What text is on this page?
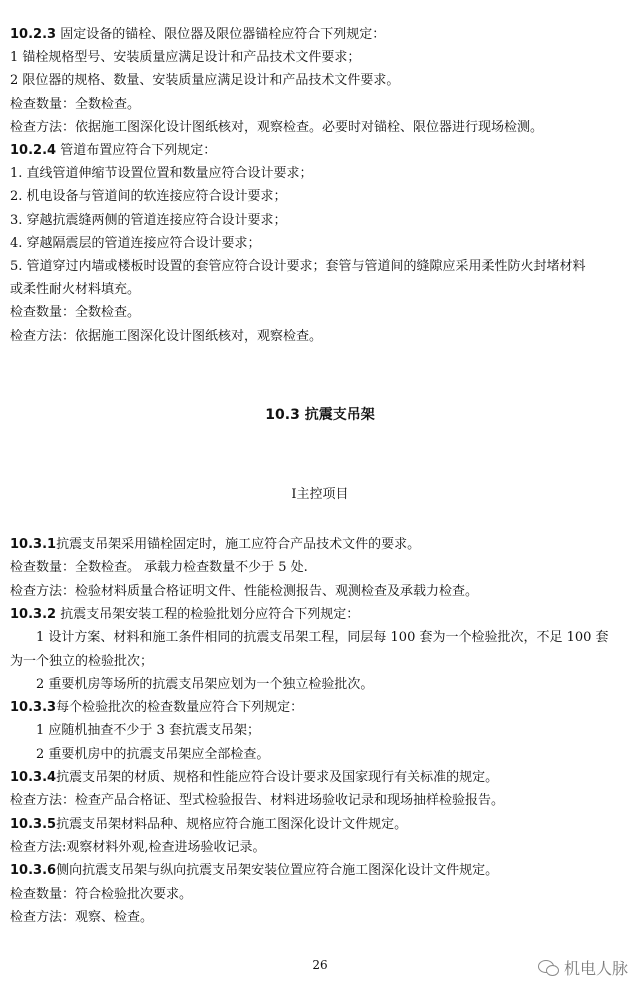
10.2.3 固定设备的锚栓、限位器及限位器锚栓应符合下列规定：
1 锚栓规格型号、安装质量应满足设计和产品技术文件要求；
2 限位器的规格、数量、安装质量应满足设计和产品技术文件要求。
检查数量：全数检查。
检查方法：依据施工图深化设计图纸核对，观察检查。必要时对锚栓、限位器进行现场检测。
10.2.4 管道布置应符合下列规定：
1. 直线管道伸缩节设置位置和数量应符合设计要求；
2. 机电设备与管道间的软连接应符合设计要求；
3. 穿越抗震缝两侧的管道连接应符合设计要求；
4. 穿越隔震层的管道连接应符合设计要求；
5. 管道穿过内墙或楼板时设置的套管应符合设计要求；套管与管道间的缝隙应采用柔性防火封堵材料
或柔性耐火材料填充。
检查数量：全数检查。
检查方法：依据施工图深化设计图纸核对，观察检查。
10.3 抗震支吊架
Ⅰ主控项目
10.3.1抗震支吊架采用锚栓固定时，施工应符合产品技术文件的要求。
检查数量：全数检查。 承载力检查数量不少于 5 处.
检查方法：检验材料质量合格证明文件、性能检测报告、观测检查及承载力检查。
10.3.2 抗震支吊架安装工程的检验批划分应符合下列规定：
1 设计方案、材料和施工条件相同的抗震支吊架工程，同层每 100 套为一个检验批次，不足 100 套
为一个独立的检验批次；
2 重要机房等场所的抗震支吊架应划为一个独立检验批次。
10.3.3每个检验批次的检查数量应符合下列规定：
1 应随机抽查不少于 3 套抗震支吊架；
2 重要机房中的抗震支吊架应全部检查。
10.3.4抗震支吊架的材质、规格和性能应符合设计要求及国家现行有关标准的规定。
检查方法：检查产品合格证、型式检验报告、材料进场验收记录和现场抽样检验报告。
10.3.5抗震支吊架材料品种、规格应符合施工图深化设计文件规定。
检查方法:观察材料外观,检查进场验收记录。
10.3.6侧向抗震支吊架与纵向抗震支吊架安装位置应符合施工图深化设计文件规定。
检查数量：符合检验批次要求。
检查方法：观察、检查。
26	机电人脉
